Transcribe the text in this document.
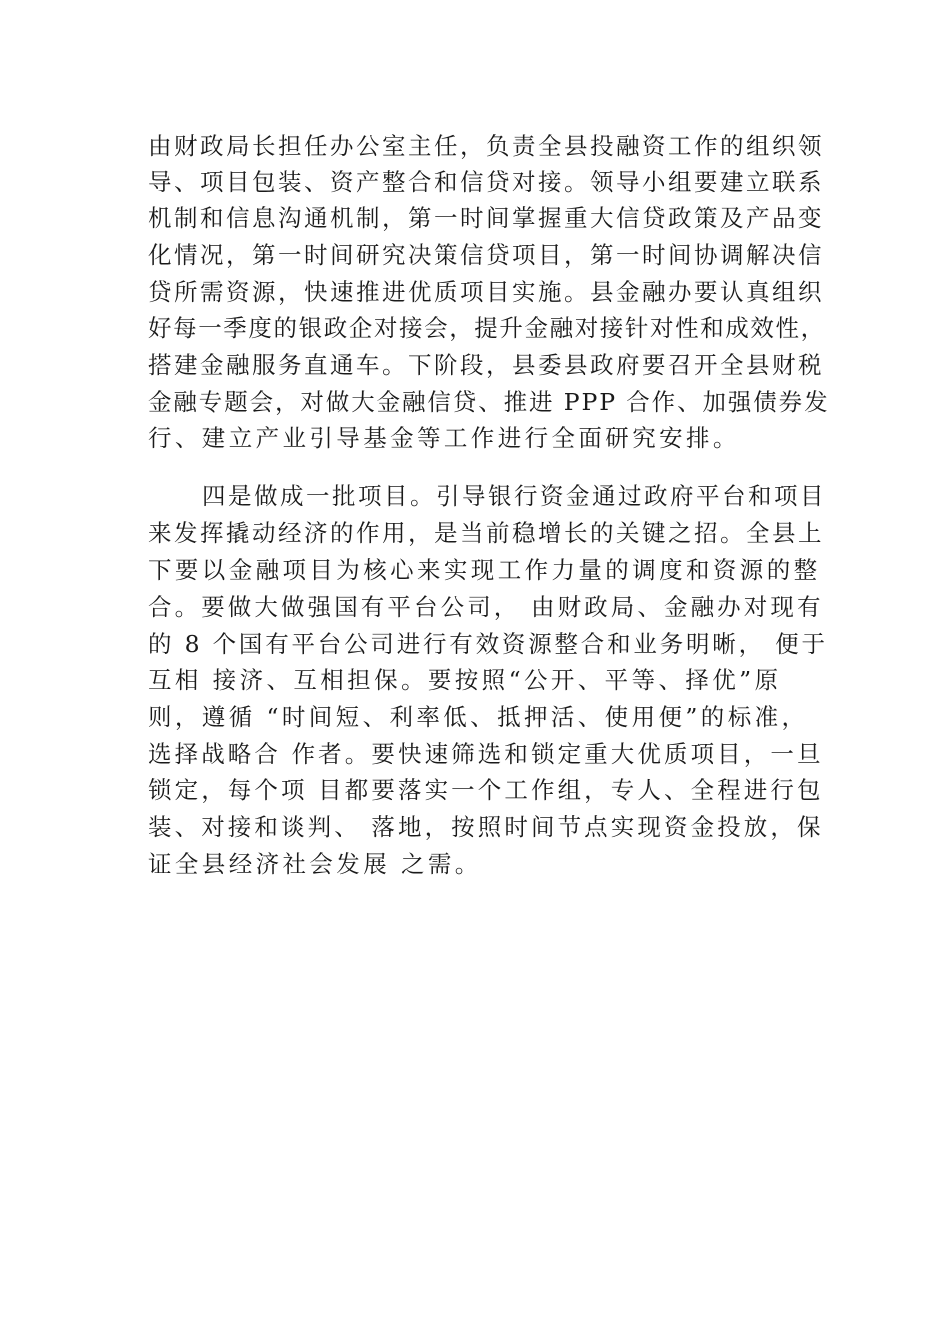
由财政局长担任办公室主任，负责全县投融资工作的组织领
导、项目包装、资产整合和信贷对接。领导小组要建立联系
机制和信息沟通机制，第一时间掌握重大信贷政策及产品变
化情况，第一时间研究决策信贷项目，第一时间协调解决信
贷所需资源，快速推进优质项目实施。县金融办要认真组织
好每一季度的银政企对接会，提升金融对接针对性和成效性，
搭建金融服务直通车。下阶段，县委县政府要召开全县财税
金融专题会，对做大金融信贷、推进 PPP 合作、加强债券发
行、建立产业引导基金等工作进行全面研究安排。
四是做成一批项目。引导银行资金通过政府平台和项目
来发挥撬动经济的作用，是当前稳增长的关键之招。全县上
下要以金融项目为核心来实现工作力量的调度和资源的整
合。要做大做强国有平台公司， 由财政局、金融办对现有
的 8 个国有平台公司进行有效资源整合和业务明晰， 便于
互相 接济、互相担保。要按照“公开、平等、择优”原
则，遵循 “时间短、利率低、抵押活、使用便”的标准，
选择战略合 作者。要快速筛选和锁定重大优质项目，一旦
锁定，每个项 目都要落实一个工作组，专人、全程进行包
装、对接和谈判、 落地，按照时间节点实现资金投放，保
证全县经济社会发展 之需。
